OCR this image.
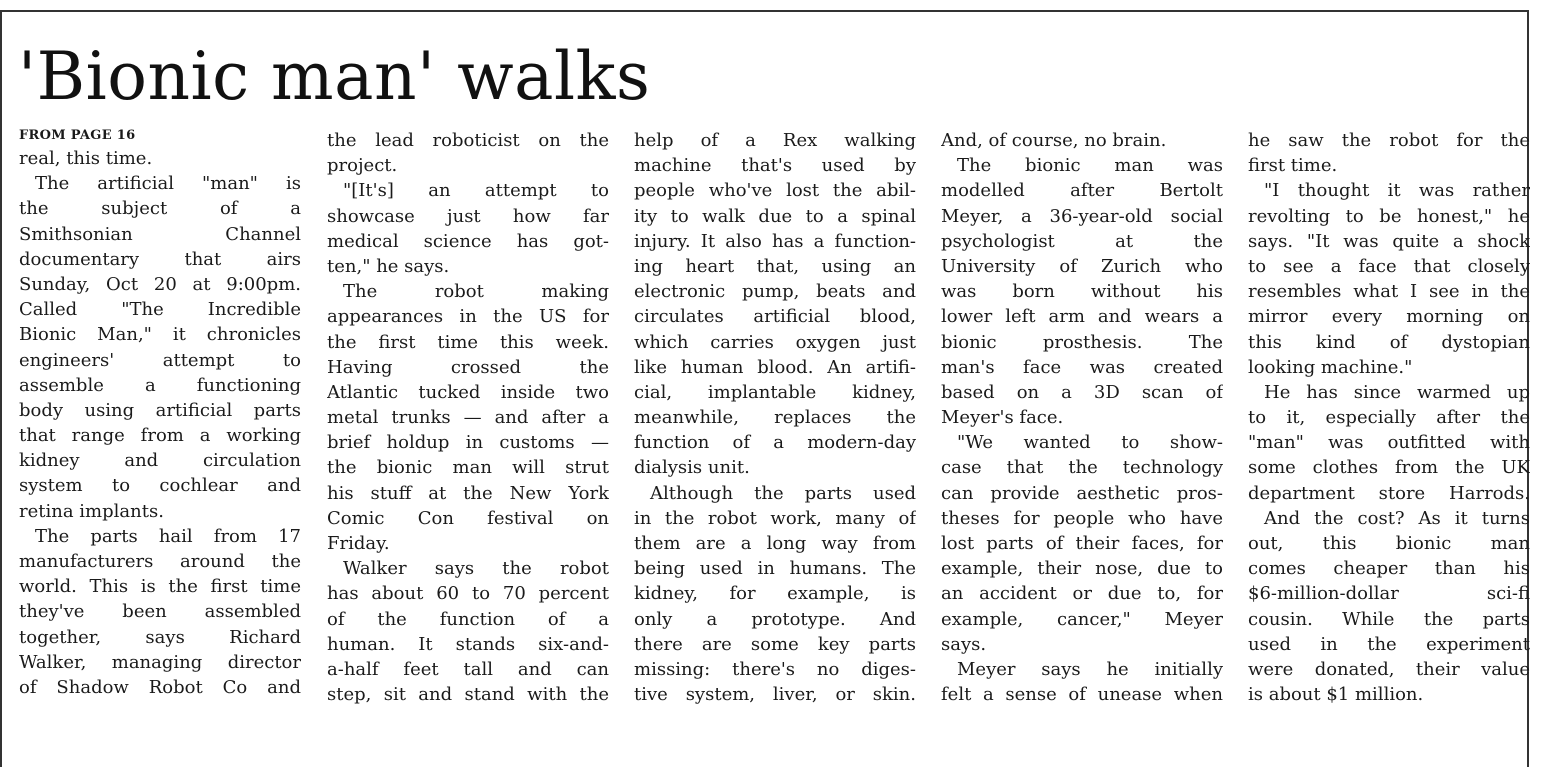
'Bionic man' walks
FROM PAGE 16
real, this time.
The artificial "man" is
the subject of a
Smithsonian Channel
documentary that airs
Sunday, Oct 20 at 9:00pm.
Called "The Incredible
Bionic Man," it chronicles
engineers' attempt to
assemble a functioning
body using artificial parts
that range from a working
kidney and circulation
system to cochlear and
retina implants.
The parts hail from 17
manufacturers around the
world. This is the first time
they've been assembled
together, says Richard
Walker, managing director
of Shadow Robot Co and
the lead roboticist on the
project.
"[It's] an attempt to
showcase just how far
medical science has got-
ten," he says.
The robot making
appearances in the US for
the first time this week.
Having crossed the
Atlantic tucked inside two
metal trunks — and after a
brief holdup in customs —
the bionic man will strut
his stuff at the New York
Comic Con festival on
Friday.
Walker says the robot
has about 60 to 70 percent
of the function of a
human. It stands six-and-
a-half feet tall and can
step, sit and stand with the
help of a Rex walking
machine that's used by
people who've lost the abil-
ity to walk due to a spinal
injury. It also has a function-
ing heart that, using an
electronic pump, beats and
circulates artificial blood,
which carries oxygen just
like human blood. An artifi-
cial, implantable kidney,
meanwhile, replaces the
function of a modern-day
dialysis unit.
Although the parts used
in the robot work, many of
them are a long way from
being used in humans. The
kidney, for example, is
only a prototype. And
there are some key parts
missing: there's no diges-
tive system, liver, or skin.
And, of course, no brain.
The bionic man was
modelled after Bertolt
Meyer, a 36-year-old social
psychologist at the
University of Zurich who
was born without his
lower left arm and wears a
bionic prosthesis. The
man's face was created
based on a 3D scan of
Meyer's face.
"We wanted to show-
case that the technology
can provide aesthetic pros-
theses for people who have
lost parts of their faces, for
example, their nose, due to
an accident or due to, for
example, cancer," Meyer
says.
Meyer says he initially
felt a sense of unease when
he saw the robot for the
first time.
"I thought it was rather
revolting to be honest," he
says. "It was quite a shock
to see a face that closely
resembles what I see in the
mirror every morning on
this kind of dystopian
looking machine."
He has since warmed up
to it, especially after the
"man" was outfitted with
some clothes from the UK
department store Harrods.
And the cost? As it turns
out, this bionic man
comes cheaper than his
$6-million-dollar sci-fi
cousin. While the parts
used in the experiment
were donated, their value
is about $1 million.
